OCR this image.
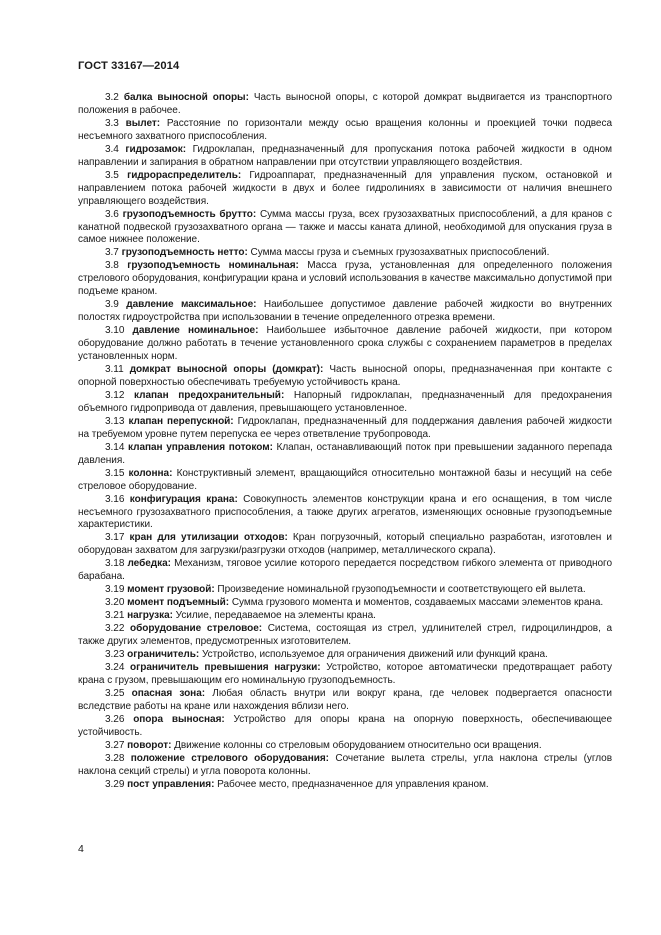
ГОСТ 33167—2014

3.2 балка выносной опоры: Часть выносной опоры, с которой домкрат выдвигается из транспортного положения в рабочее.

3.3 вылет: Расстояние по горизонтали между осью вращения колонны и проекцией точки подвеса несъемного захватного приспособления.

3.4 гидрозамок: Гидроклапан, предназначенный для пропускания потока рабочей жидкости в одном направлении и запирания в обратном направлении при отсутствии управляющего воздействия.

3.5 гидрораспределитель: Гидроаппарат, предназначенный для управления пуском, остановкой и направлением потока рабочей жидкости в двух и более гидролиниях в зависимости от наличия внешнего управляющего воздействия.

3.6 грузоподъемность брутто: Сумма массы груза, всех грузозахватных приспособлений, а для кранов с канатной подвеской грузозахватного органа — также и массы каната длиной, необходимой для опускания груза в самое нижнее положение.

3.7 грузоподъемность нетто: Сумма массы груза и съемных грузозахватных приспособлений.

3.8 грузоподъемность номинальная: Масса груза, установленная для определенного положения стрелового оборудования, конфигурации крана и условий использования в качестве максимально допустимой при подъеме краном.

3.9 давление максимальное: Наибольшее допустимое давление рабочей жидкости во внутренних полостях гидроустройства при использовании в течение определенного отрезка времени.

3.10 давление номинальное: Наибольшее избыточное давление рабочей жидкости, при котором оборудование должно работать в течение установленного срока службы с сохранением параметров в пределах установленных норм.

3.11 домкрат выносной опоры (домкрат): Часть выносной опоры, предназначенная при контакте с опорной поверхностью обеспечивать требуемую устойчивость крана.

3.12 клапан предохранительный: Напорный гидроклапан, предназначенный для предохранения объемного гидропривода от давления, превышающего установленное.

3.13 клапан перепускной: Гидроклапан, предназначенный для поддержания давления рабочей жидкости на требуемом уровне путем перепуска ее через ответвление трубопровода.

3.14 клапан управления потоком: Клапан, останавливающий поток при превышении заданного перепада давления.

3.15 колонна: Конструктивный элемент, вращающийся относительно монтажной базы и несущий на себе стреловое оборудование.

3.16 конфигурация крана: Совокупность элементов конструкции крана и его оснащения, в том числе несъемного грузозахватного приспособления, а также других агрегатов, изменяющих основные грузоподъемные характеристики.

3.17 кран для утилизации отходов: Кран погрузочный, который специально разработан, изготовлен и оборудован захватом для загрузки/разгрузки отходов (например, металлического скрапа).

3.18 лебедка: Механизм, тяговое усилие которого передается посредством гибкого элемента от приводного барабана.

3.19 момент грузовой: Произведение номинальной грузоподъемности и соответствующего ей вылета.

3.20 момент подъемный: Сумма грузового момента и моментов, создаваемых массами элементов крана.

3.21 нагрузка: Усилие, передаваемое на элементы крана.

3.22 оборудование стреловое: Система, состоящая из стрел, удлинителей стрел, гидроцилиндров, а также других элементов, предусмотренных изготовителем.

3.23 ограничитель: Устройство, используемое для ограничения движений или функций крана.

3.24 ограничитель превышения нагрузки: Устройство, которое автоматически предотвращает работу крана с грузом, превышающим его номинальную грузоподъемность.

3.25 опасная зона: Любая область внутри или вокруг крана, где человек подвергается опасности вследствие работы на кране или нахождения вблизи него.

3.26 опора выносная: Устройство для опоры крана на опорную поверхность, обеспечивающее устойчивость.

3.27 поворот: Движение колонны со стреловым оборудованием относительно оси вращения.

3.28 положение стрелового оборудования: Сочетание вылета стрелы, угла наклона стрелы (углов наклона секций стрелы) и угла поворота колонны.

3.29 пост управления: Рабочее место, предназначенное для управления краном.

4
